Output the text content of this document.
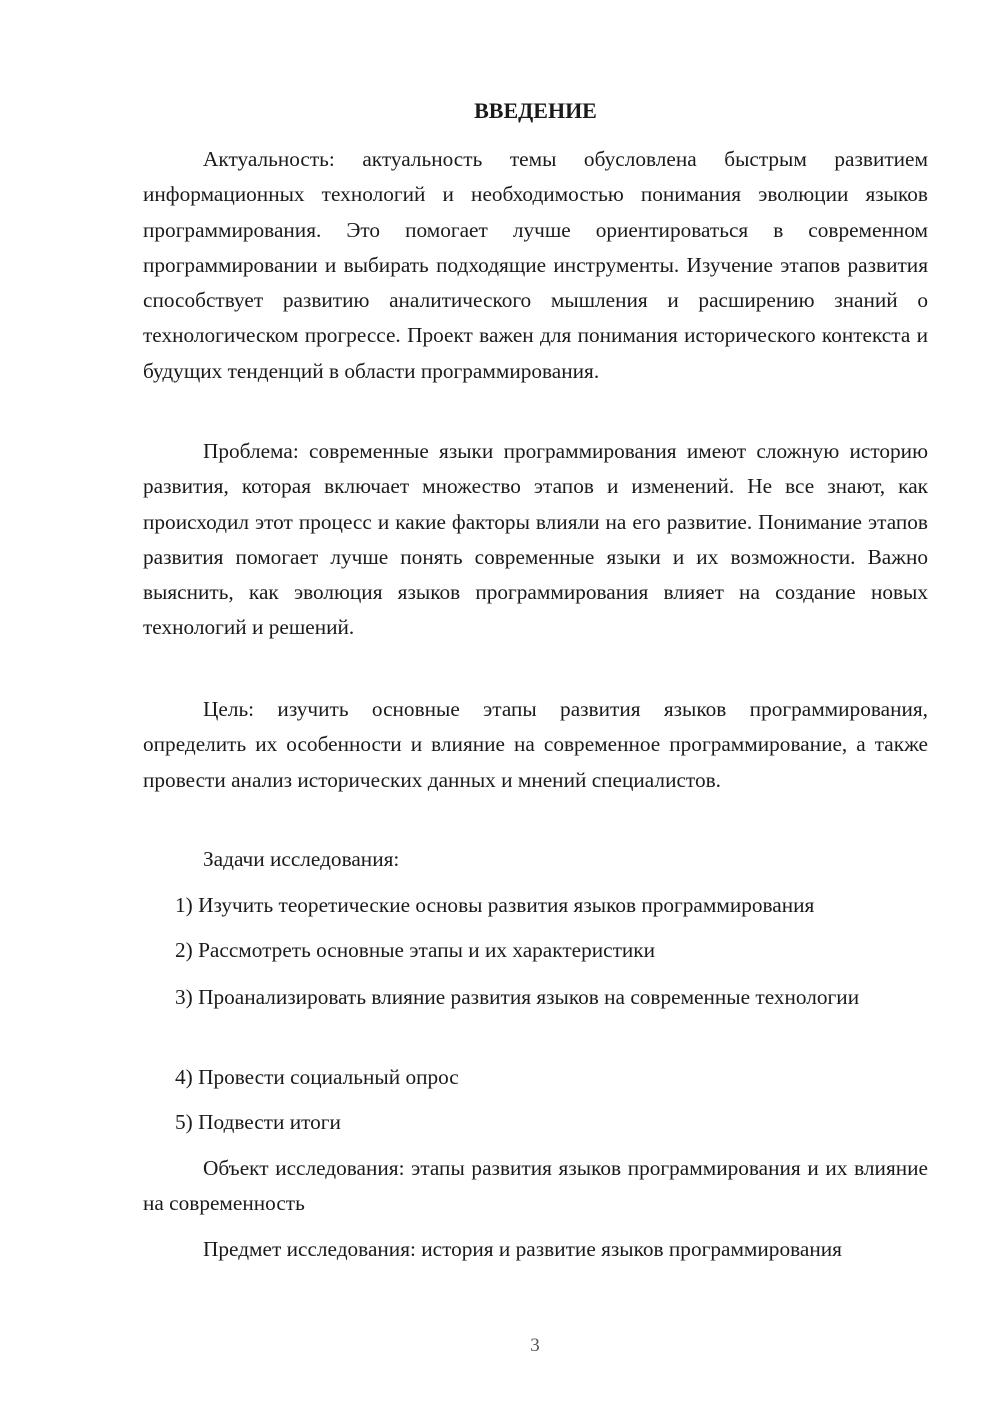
ВВЕДЕНИЕ

Актуальность: актуальность темы обусловлена быстрым развитием информационных технологий и необходимостью понимания эволюции языков программирования. Это помогает лучше ориентироваться в современном программировании и выбирать подходящие инструменты. Изучение этапов развития способствует развитию аналитического мышления и расширению знаний о технологическом прогрессе. Проект важен для понимания исторического контекста и будущих тенденций в области программирования.

Проблема: современные языки программирования имеют сложную историю развития, которая включает множество этапов и изменений. Не все знают, как происходил этот процесс и какие факторы влияли на его развитие. Понимание этапов развития помогает лучше понять современные языки и их возможности. Важно выяснить, как эволюция языков программирования влияет на создание новых технологий и решений.

Цель: изучить основные этапы развития языков программирования, определить их особенности и влияние на современное программирование, а также провести анализ исторических данных и мнений специалистов.

Задачи исследования:

1) Изучить теоретические основы развития языков программирования

2) Рассмотреть основные этапы и их характеристики

3) Проанализировать влияние развития языков на современные технологии

4) Провести социальный опрос

5) Подвести итоги

Объект исследования: этапы развития языков программирования и их влияние на современность

Предмет исследования: история и развитие языков программирования

3
